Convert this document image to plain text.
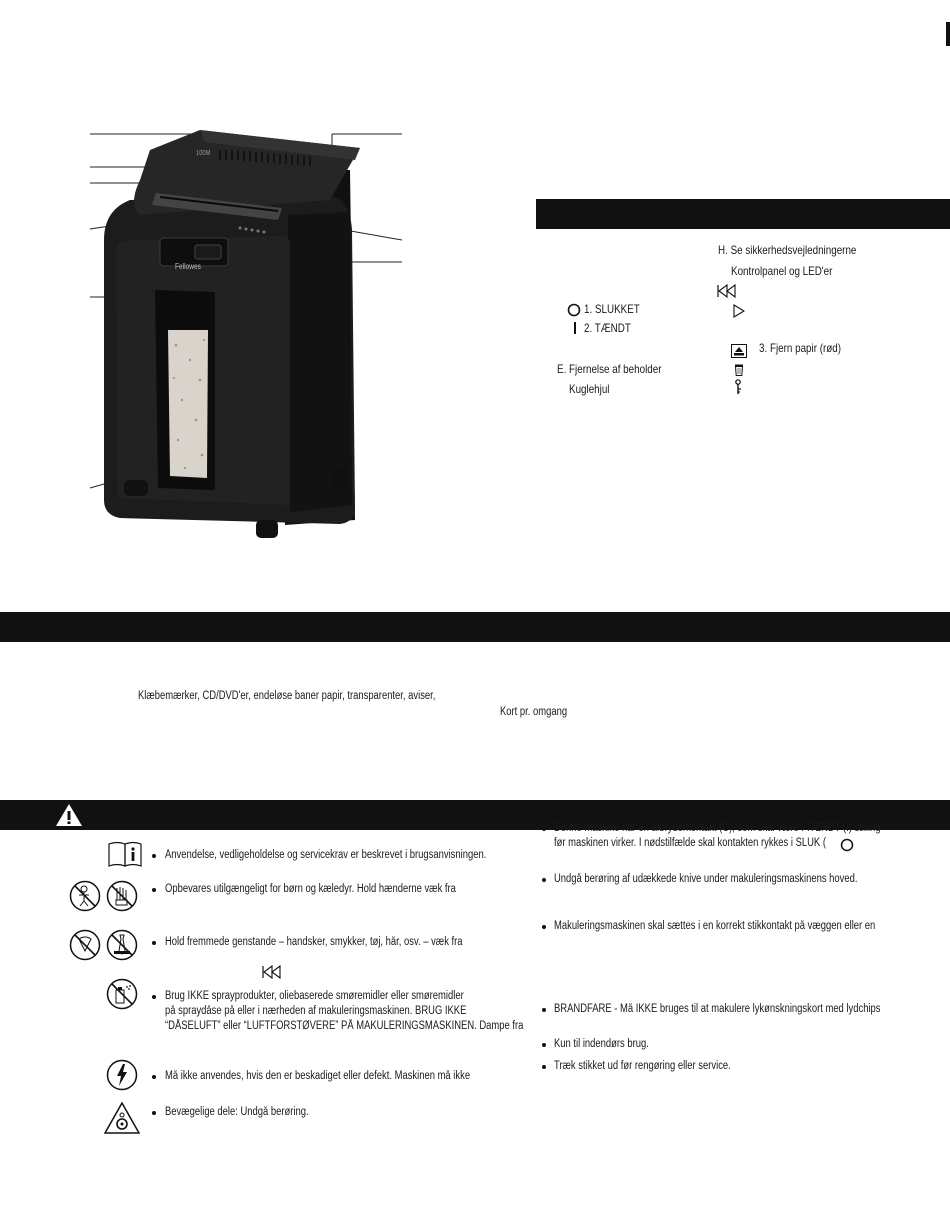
Fellowes
100M
H. Se sikkerhedsvejledningerne
Kontrolpanel og LED'er
1. SLUKKET
2. TÆNDT
3. Fjern papir (rød)
E. Fjernelse af beholder
Kuglehjul
Klæbemærker, CD/DVD'er, endeløse baner papir, transparenter, aviser,
Kort pr. omgang
Anvendelse, vedligeholdelse og servicekrav er beskrevet i brugsanvisningen.
Opbevares utilgængeligt for børn og kæledyr. Hold hænderne væk fra
Hold fremmede genstande – handsker, smykker, tøj, hår, osv. – væk fra
Brug IKKE sprayprodukter, oliebaserede smøremidler eller smøremidler
på spraydåse på eller i nærheden af makuleringsmaskinen. BRUG IKKE
“DÅSELUFT” eller “LUFTFORSTØVERE” PÅ MAKULERINGSMASKINEN. Dampe fra
Må ikke anvendes, hvis den er beskadiget eller defekt. Maskinen må ikke
Bevægelige dele: Undgå berøring.
Denne maskine har en afbryderkontakt (C), som skal være i TÆNDT (I) stilling
før maskinen virker. I nødstilfælde skal kontakten rykkes i SLUK (
Undgå berøring af udækkede knive under makuleringsmaskinens hoved.
Makuleringsmaskinen skal sættes i en korrekt stikkontakt på væggen eller en
BRANDFARE - Må IKKE bruges til at makulere lykønskningskort med lydchips
Kun til indendørs brug.
Træk stikket ud før rengøring eller service.
